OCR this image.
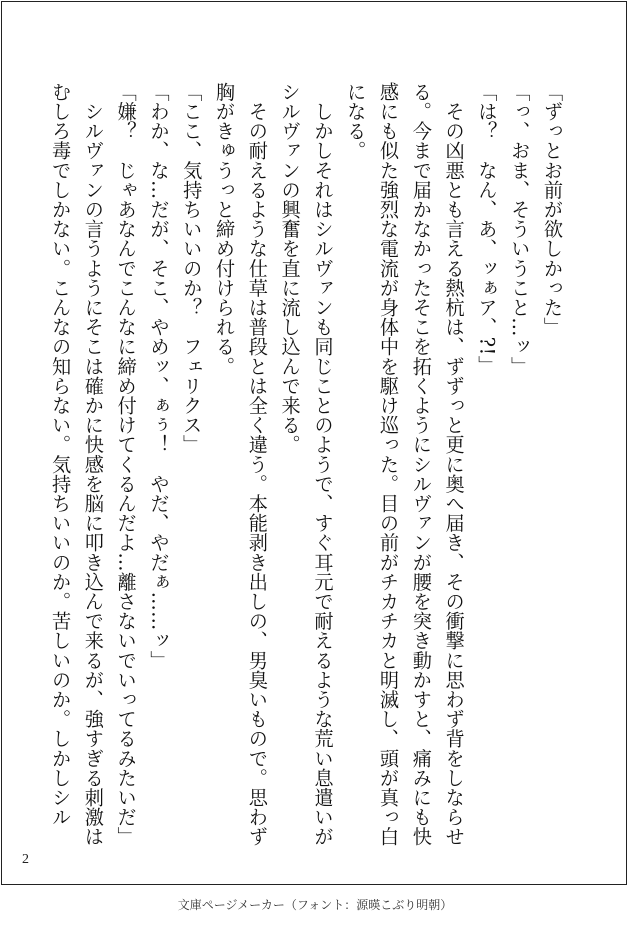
「ずっとお前が欲しかった」

「っ、おま、そういうこと…ッ」

「は？　なん、あ、ッぁア、?!」

　その凶悪とも言える熱杭は、ずずっと更に奥へ届き、その衝撃に思わず背をしならせ

る。今まで届かなかったそこを拓くようにシルヴァンが腰を突き動かすと、痛みにも快

感にも似た強烈な電流が身体中を駆け巡った。目の前がチカチカと明滅し、頭が真っ白

になる。

　しかしそれはシルヴァンも同じことのようで、すぐ耳元で耐えるような荒い息遣いが

シルヴァンの興奮を直に流し込んで来る。

　その耐えるような仕草は普段とは全く違う。本能剥き出しの、男臭いもので。思わず

胸がきゅうっと締め付けられる。

「ここ、気持ちいいのか？　フェリクス」

「わか、な…だが、そこ、やめッ、ぁぅ！　やだ、やだぁ……ッ」

「嫌？　じゃあなんでこんなに締め付けてくるんだよ…離さないでいってるみたいだ」

　シルヴァンの言うようにそこは確かに快感を脳に叩き込んで来るが、強すぎる刺激は

むしろ毒でしかない。こんなの知らない。気持ちいいのか。苦しいのか。しかしシル

2
文庫ページメーカー（フォント：源暎こぶり明朝）
